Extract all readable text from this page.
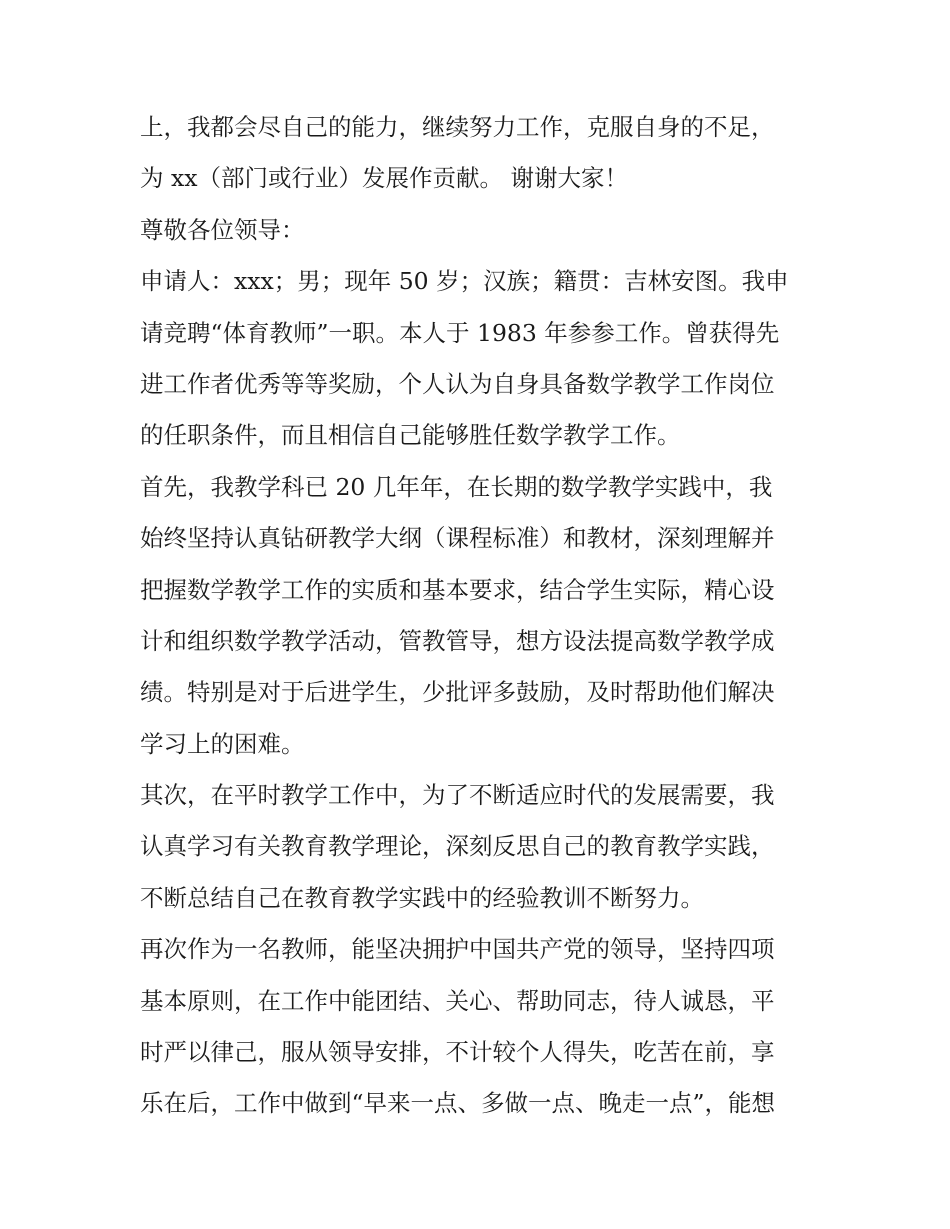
上，我都会尽自己的能力，继续努力工作，克服自身的不足，
为 xx（部门或行业）发展作贡献。 谢谢大家！
尊敬各位领导：
申请人：xxx；男；现年 50 岁；汉族；籍贯：吉林安图。我申
请竞聘“体育教师”一职。本人于 1983 年参参工作。曾获得先
进工作者优秀等等奖励，个人认为自身具备数学教学工作岗位
的任职条件，而且相信自己能够胜任数学教学工作。
首先，我教学科已 20 几年年，在长期的数学教学实践中，我
始终坚持认真钻研教学大纲（课程标准）和教材，深刻理解并
把握数学教学工作的实质和基本要求，结合学生实际，精心设
计和组织数学教学活动，管教管导，想方设法提高数学教学成
绩。特别是对于后进学生，少批评多鼓励，及时帮助他们解决
学习上的困难。
其次，在平时教学工作中，为了不断适应时代的发展需要，我
认真学习有关教育教学理论，深刻反思自己的教育教学实践，
不断总结自己在教育教学实践中的经验教训不断努力。
再次作为一名教师，能坚决拥护中国共产党的领导，坚持四项
基本原则，在工作中能团结、关心、帮助同志，待人诚恳，平
时严以律己，服从领导安排，不计较个人得失，吃苦在前，享
乐在后，工作中做到“早来一点、多做一点、晚走一点”，能想
